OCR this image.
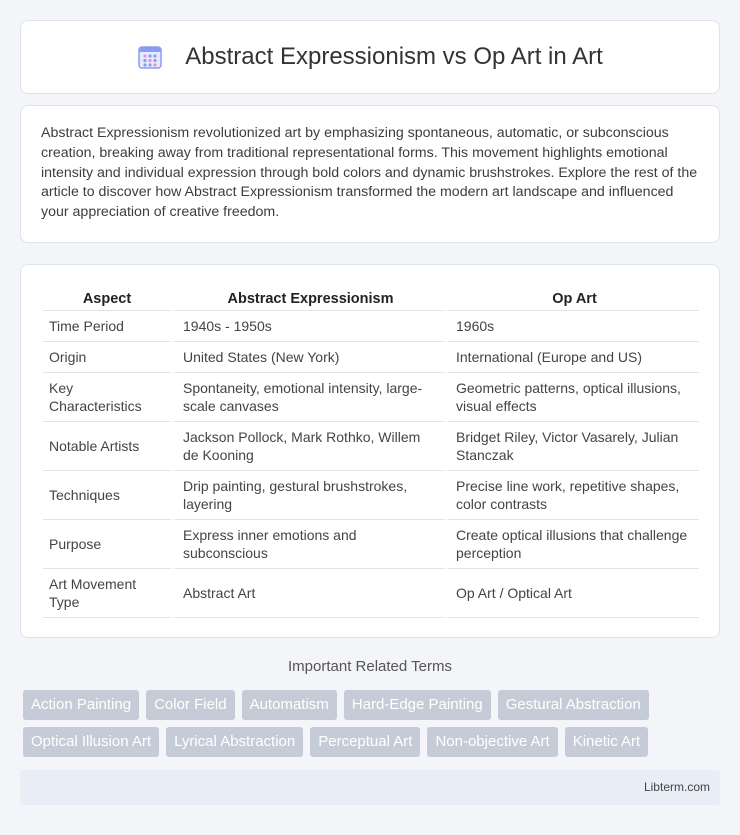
Abstract Expressionism vs Op Art in Art

Abstract Expressionism revolutionized art by emphasizing spontaneous, automatic, or subconscious creation, breaking away from traditional representational forms. This movement highlights emotional intensity and individual expression through bold colors and dynamic brushstrokes. Explore the rest of the article to discover how Abstract Expressionism transformed the modern art landscape and influenced your appreciation of creative freedom.

Aspect	Abstract Expressionism	Op Art
Time Period	1940s - 1950s	1960s
Origin	United States (New York)	International (Europe and US)
Key Characteristics	Spontaneity, emotional intensity, large-scale canvases	Geometric patterns, optical illusions, visual effects
Notable Artists	Jackson Pollock, Mark Rothko, Willem de Kooning	Bridget Riley, Victor Vasarely, Julian Stanczak
Techniques	Drip painting, gestural brushstrokes, layering	Precise line work, repetitive shapes, color contrasts
Purpose	Express inner emotions and subconscious	Create optical illusions that challenge perception
Art Movement Type	Abstract Art	Op Art / Optical Art
Important Related Terms
Action Painting	Color Field	Automatism	Hard-Edge Painting	Gestural Abstraction
Optical Illusion Art	Lyrical Abstraction	Perceptual Art	Non-objective Art	Kinetic Art
Libterm.com
